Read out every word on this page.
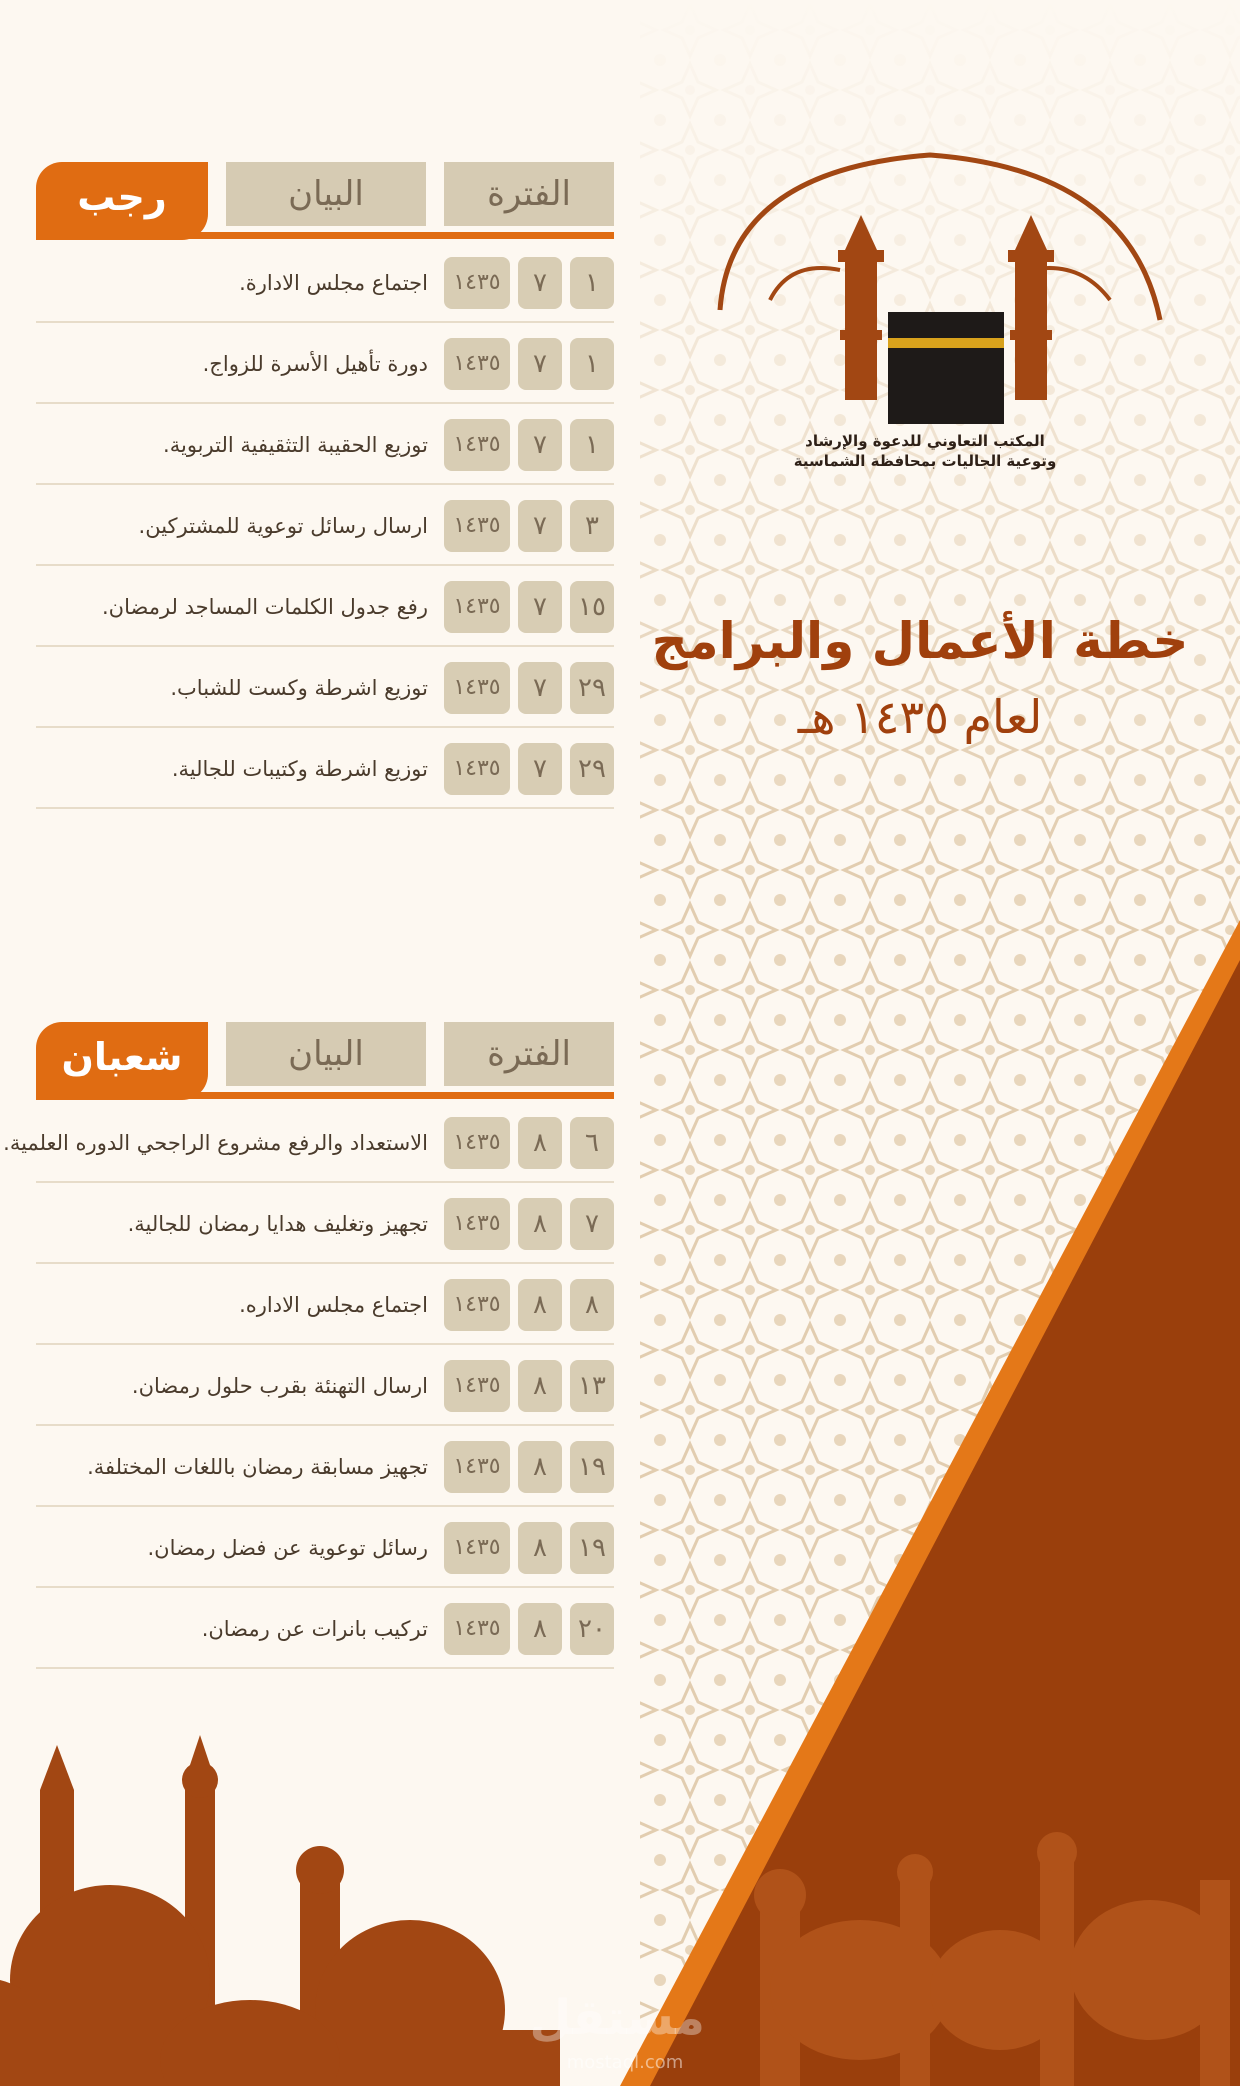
المكتب التعاوني للدعوة والإرشاد
وتوعية الجاليات بمحافظة الشماسية
خطة الأعمال والبرامج
لعام ١٤٣٥ هـ
الفترة
البيان
رجب
١
٧
١٤٣٥
اجتماع مجلس الادارة.
١
٧
١٤٣٥
دورة تأهيل الأسرة للزواج.
١
٧
١٤٣٥
توزيع الحقيبة التثقيفية التربوية.
٣
٧
١٤٣٥
ارسال رسائل توعوية للمشتركين.
١٥
٧
١٤٣٥
رفع جدول الكلمات المساجد لرمضان.
٢٩
٧
١٤٣٥
توزيع اشرطة وكست للشباب.
٢٩
٧
١٤٣٥
توزيع اشرطة وكتيبات للجالية.
الفترة
البيان
شعبان
٦
٨
١٤٣٥
الاستعداد والرفع مشروع الراجحي الدوره العلمية.
٧
٨
١٤٣٥
تجهيز وتغليف هدايا رمضان للجالية.
٨
٨
١٤٣٥
اجتماع مجلس الاداره.
١٣
٨
١٤٣٥
ارسال التهنئة بقرب حلول رمضان.
١٩
٨
١٤٣٥
تجهيز مسابقة رمضان باللغات المختلفة.
١٩
٨
١٤٣٥
رسائل توعوية عن فضل رمضان.
٢٠
٨
١٤٣٥
تركيب بانرات عن رمضان.
مستقل
mostaql.com
